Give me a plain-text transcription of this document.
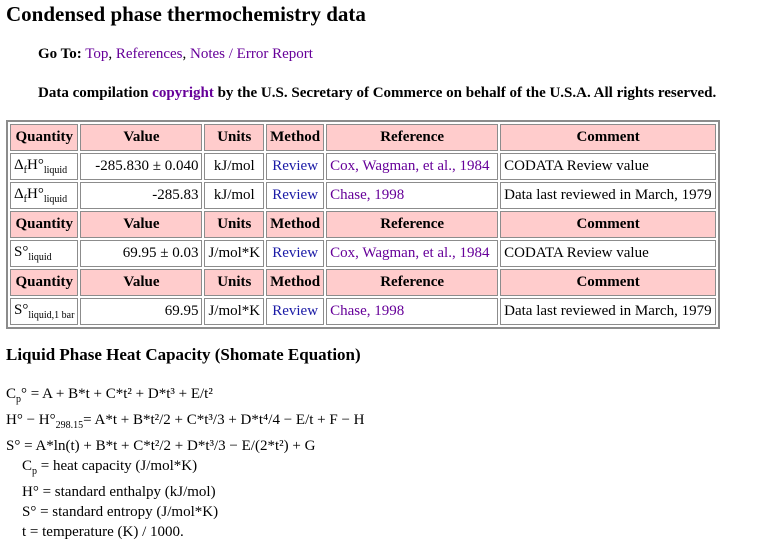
Condensed phase thermochemistry data
Go To: Top, References, Notes / Error Report
Data compilation copyright by the U.S. Secretary of Commerce on behalf of the U.S.A. All rights reserved.
Quantity	Value	Units	Method	Reference	Comment
$\Delta_fH^\circ_{liquid}$	-285.830 ± 0.040	kJ/mol	Review	Cox, Wagman, et al., 1984	CODATA Review value
$\Delta_fH^\circ_{liquid}$	-285.83	kJ/mol	Review	Chase, 1998	Data last reviewed in March, 1979
Quantity	Value	Units	Method	Reference	Comment
$S^\circ_{liquid}$	69.95 ± 0.03	J/mol*K	Review	Cox, Wagman, et al., 1984	CODATA Review value
Quantity	Value	Units	Method	Reference	Comment
$S^\circ_{liquid,1 bar}$	69.95	J/mol*K	Review	Chase, 1998	Data last reviewed in March, 1979
Liquid Phase Heat Capacity (Shomate Equation)
$C_p^\circ = A + B*t + C*t^2 + D*t^3 + E/t^2$
$H^\circ - H^\circ_{298.15}= A*t + B*t^2/2 + C*t^3/3 + D*t^4/4 - E/t + F - H$
S° = A*ln(t) + B*t + C*t²/2 + D*t³/3 − E/(2*t²) + G
$C_p$ = heat capacity (J/mol*K)
H° = standard enthalpy (kJ/mol)
S° = standard entropy (J/mol*K)
t = temperature (K) / 1000.
